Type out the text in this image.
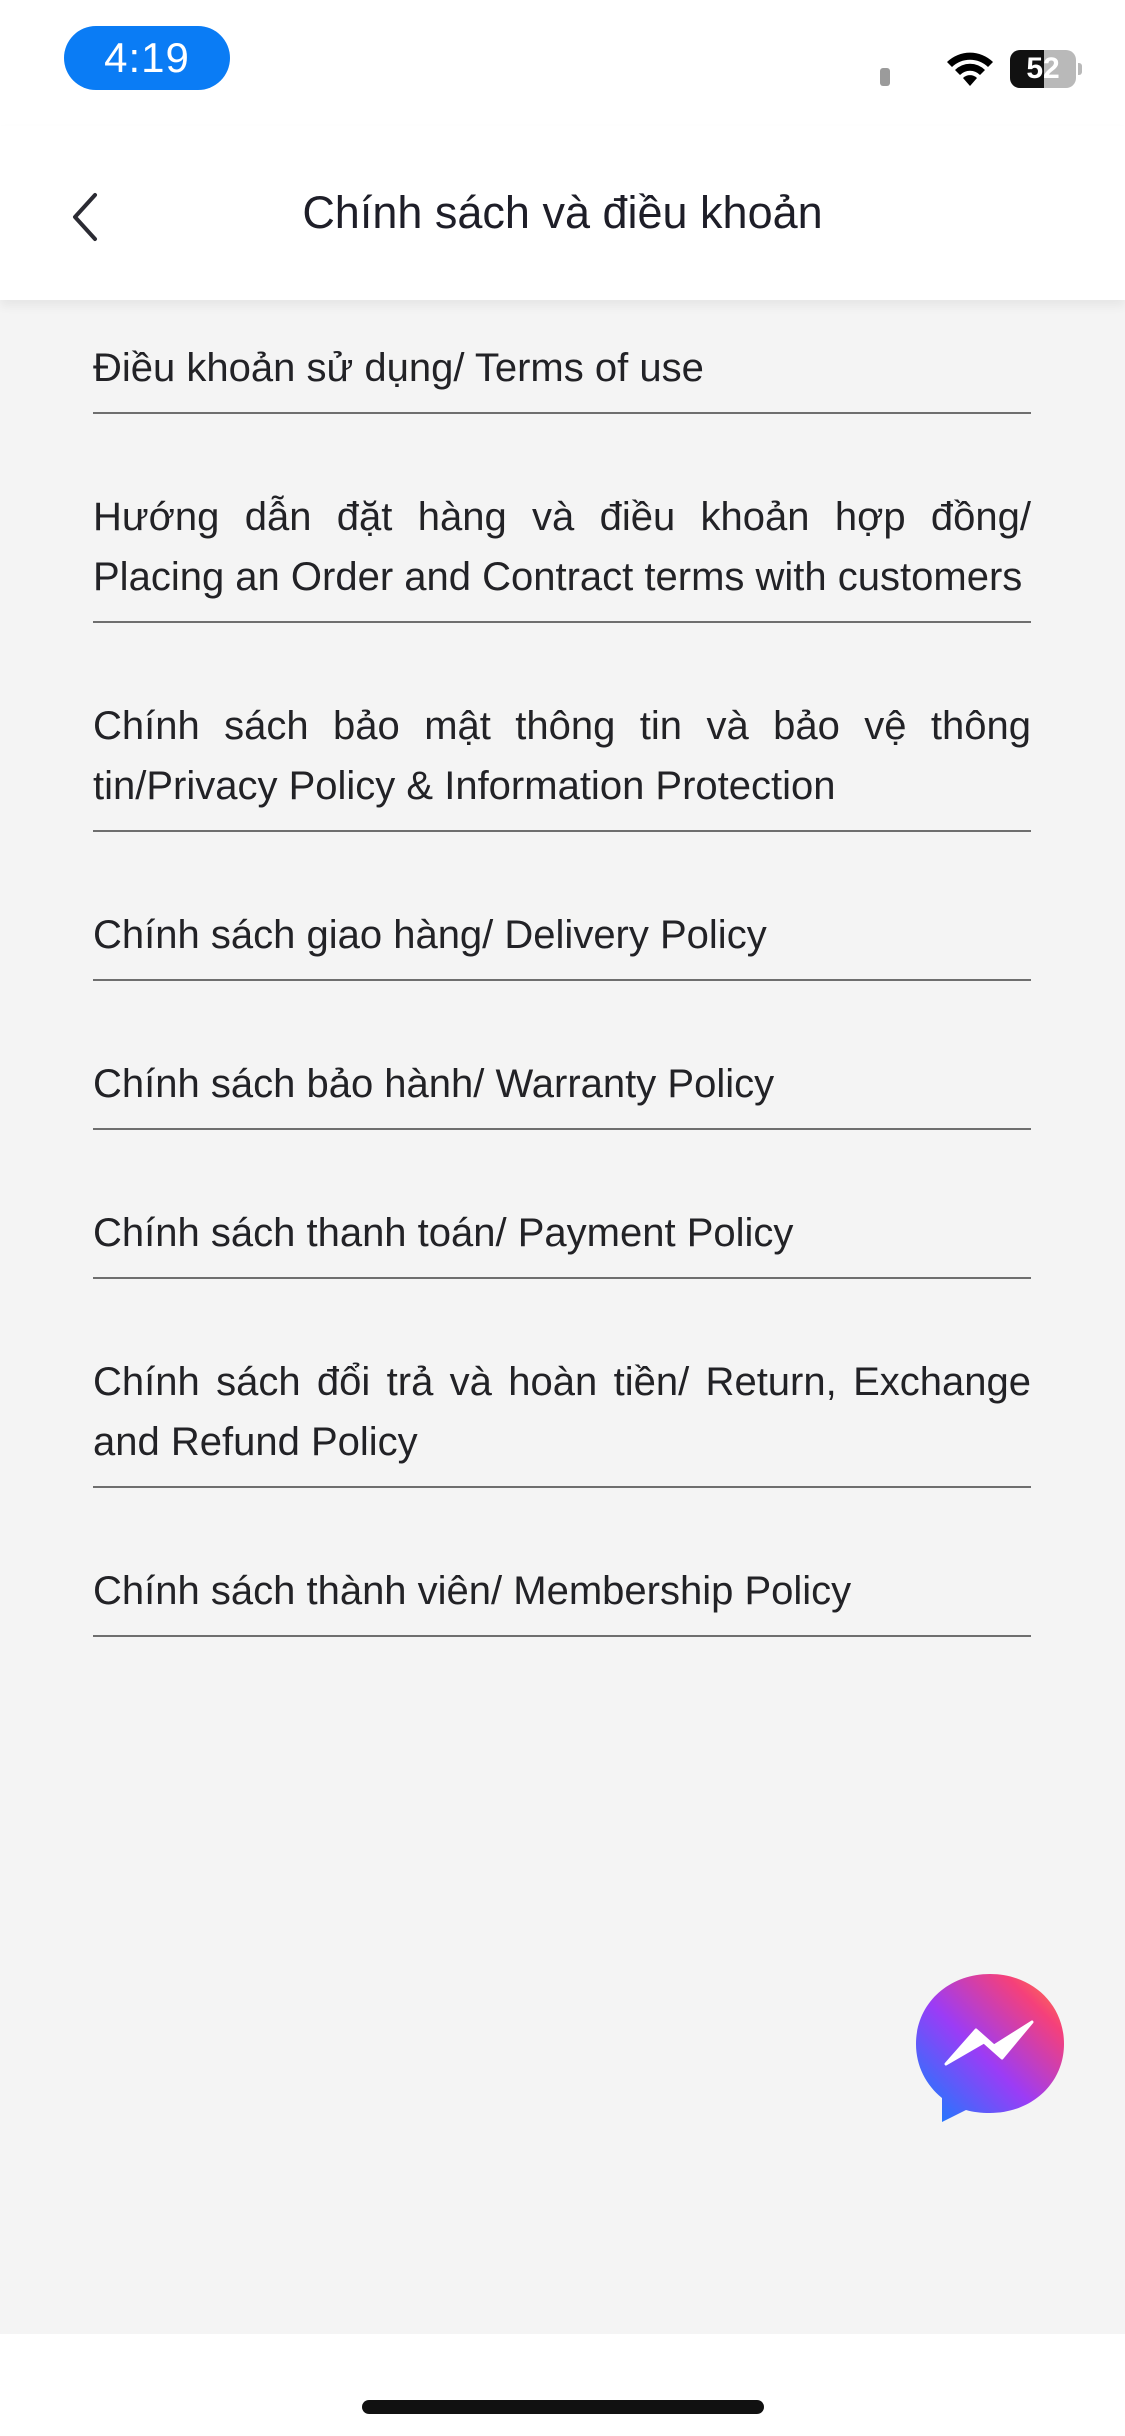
4:19	52
Chính sách và điều khoản
Điều khoản sử dụng/ Terms of use
Hướng dẫn đặt hàng và điều khoản hợp đồng/ Placing an Order and Contract terms with customers
Chính sách bảo mật thông tin và bảo vệ thông tin/Privacy Policy & Information Protection
Chính sách giao hàng/ Delivery Policy
Chính sách bảo hành/ Warranty Policy
Chính sách thanh toán/ Payment Policy
Chính sách đổi trả và hoàn tiền/ Return, Exchange and Refund Policy
Chính sách thành viên/ Membership Policy
